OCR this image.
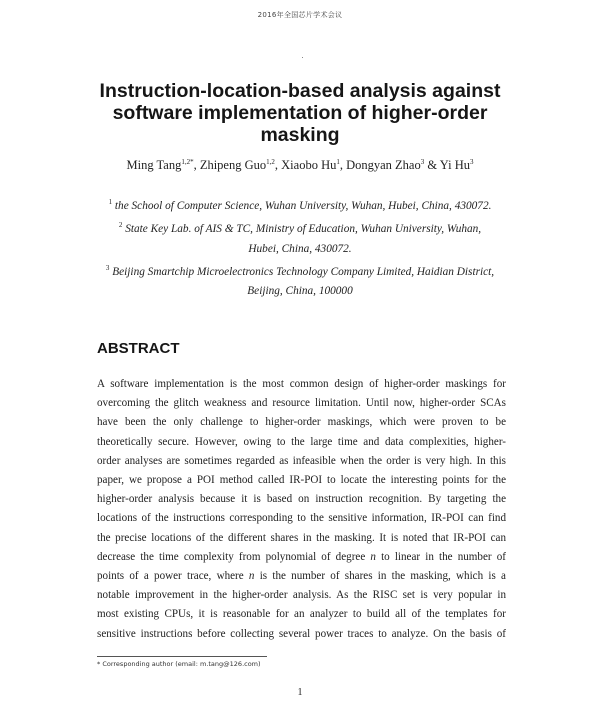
2016年全国芯片学术会议
Instruction-location-based analysis against
software implementation of higher-order
masking
Ming Tang$^{1,2*}$, Zhipeng Guo$^{1,2}$, Xiaobo Hu$^1$, Dongyan Zhao$^3$ & Yi Hu$^3$
$^1$ the School of Computer Science, Wuhan University, Wuhan, Hubei, China, 430072.
$^2$ State Key Lab. of AIS & TC, Ministry of Education, Wuhan University, Wuhan,
Hubei, China, 430072.
$^3$ Beijing Smartchip Microelectronics Technology Company Limited, Haidian District,
Beijing, China, 100000
ABSTRACT
A software implementation is the most common design of higher-order maskings for
overcoming the glitch weakness and resource limitation. Until now, higher-order SCAs
have been the only challenge to higher-order maskings, which were proven to be
theoretically secure. However, owing to the large time and data complexities, higher-
order analyses are sometimes regarded as infeasible when the order is very high. In this
paper, we propose a POI method called IR-POI to locate the interesting points for the
higher-order analysis because it is based on instruction recognition. By targeting the
locations of the instructions corresponding to the sensitive information, IR-POI can find
the precise locations of the different shares in the masking. It is noted that IR-POI can
decrease the time complexity from polynomial of degree n to linear in the number of
points of a power trace, where n is the number of shares in the masking, which is a
notable improvement in the higher-order analysis. As the RISC set is very popular in
most existing CPUs, it is reasonable for an analyzer to build all of the templates for
sensitive instructions before collecting several power traces to analyze. On the basis of
* Corresponding author (email: m.tang@126.com)
1
